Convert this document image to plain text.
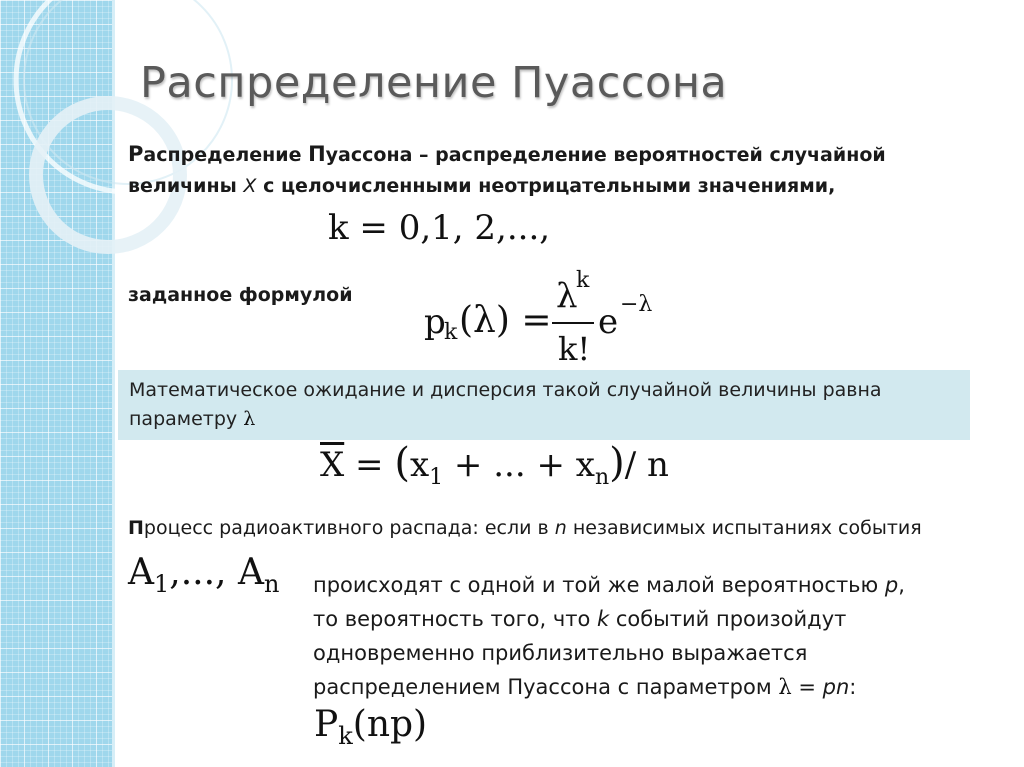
Распределение Пуассона
Распределение Пуассона – распределение вероятностей случайной
величины X с целочисленными неотрицательными значениями,
k = 0,1, 2,...,
заданное формулой
p
k (λ) =
λ
k
k!
e −λ
Математическое ожидание и дисперсия такой случайной величины равна
параметру λ
$\overline{X} = (x_1$ + ... + $x_n)/$ n
Процесс радиоактивного распада: если в n независимых испытаниях события
$A_1$,..., $A_n$ происходят с одной и той же малой вероятностью p,
то вероятность того, что k событий произойдут
одновременно приблизительно выражается
распределением Пуассона с параметром λ = pn:
$P_k(np)$
